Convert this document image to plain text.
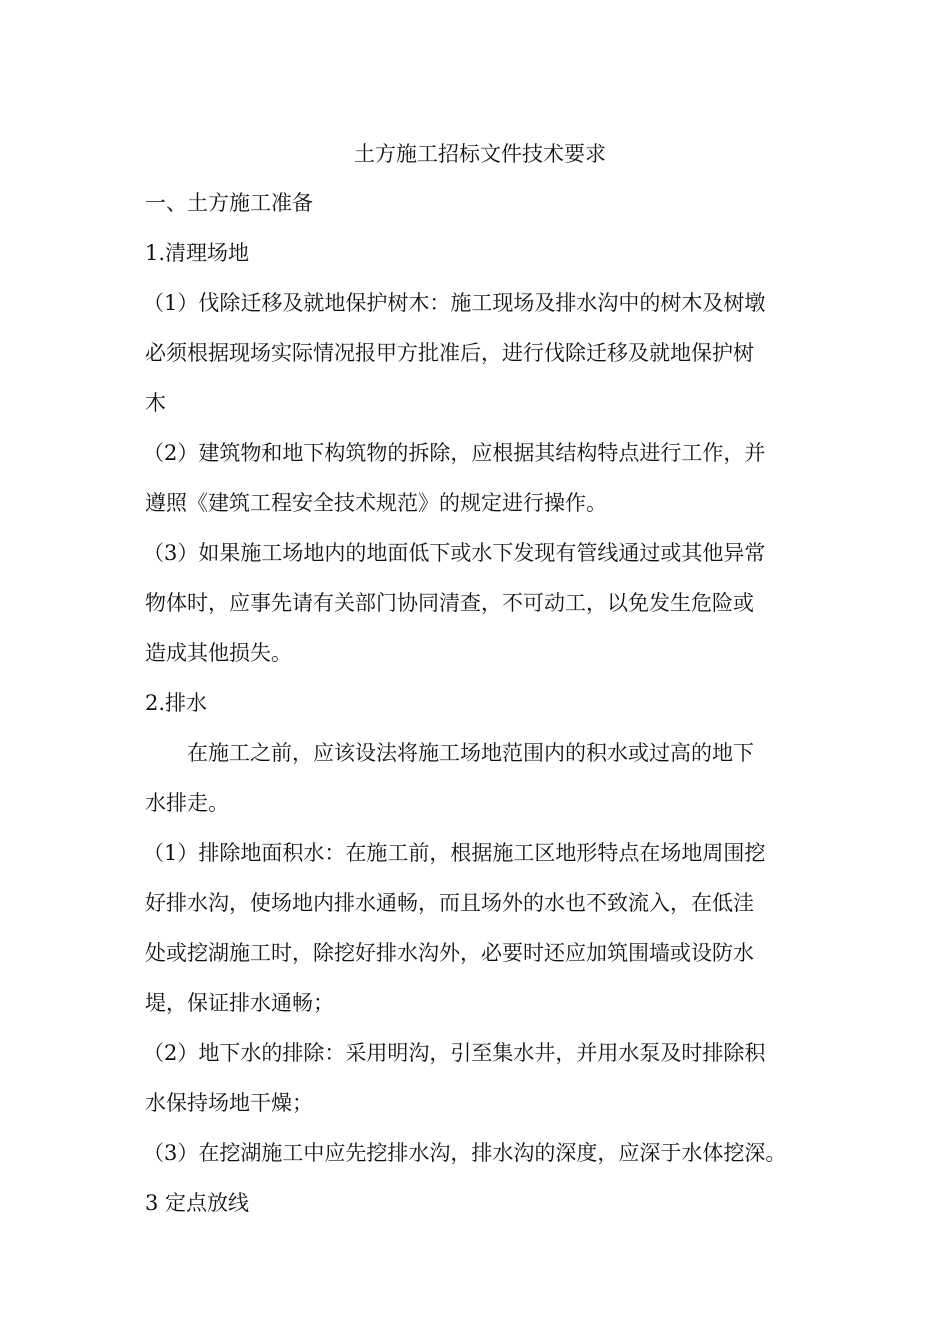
土方施工招标文件技术要求

一、土方施工准备

1.清理场地

（1）伐除迁移及就地保护树木：施工现场及排水沟中的树木及树墩

必须根据现场实际情况报甲方批准后，进行伐除迁移及就地保护树

木

（2）建筑物和地下构筑物的拆除，应根据其结构特点进行工作，并

遵照《建筑工程安全技术规范》的规定进行操作。

（3）如果施工场地内的地面低下或水下发现有管线通过或其他异常

物体时，应事先请有关部门协同清查，不可动工，以免发生危险或

造成其他损失。

2.排水

在施工之前，应该设法将施工场地范围内的积水或过高的地下

水排走。

（1）排除地面积水：在施工前，根据施工区地形特点在场地周围挖

好排水沟，使场地内排水通畅，而且场外的水也不致流入，在低洼

处或挖湖施工时，除挖好排水沟外，必要时还应加筑围墙或设防水

堤，保证排水通畅；

（2）地下水的排除：采用明沟，引至集水井，并用水泵及时排除积

水保持场地干燥；

（3）在挖湖施工中应先挖排水沟，排水沟的深度，应深于水体挖深。

3 定点放线
